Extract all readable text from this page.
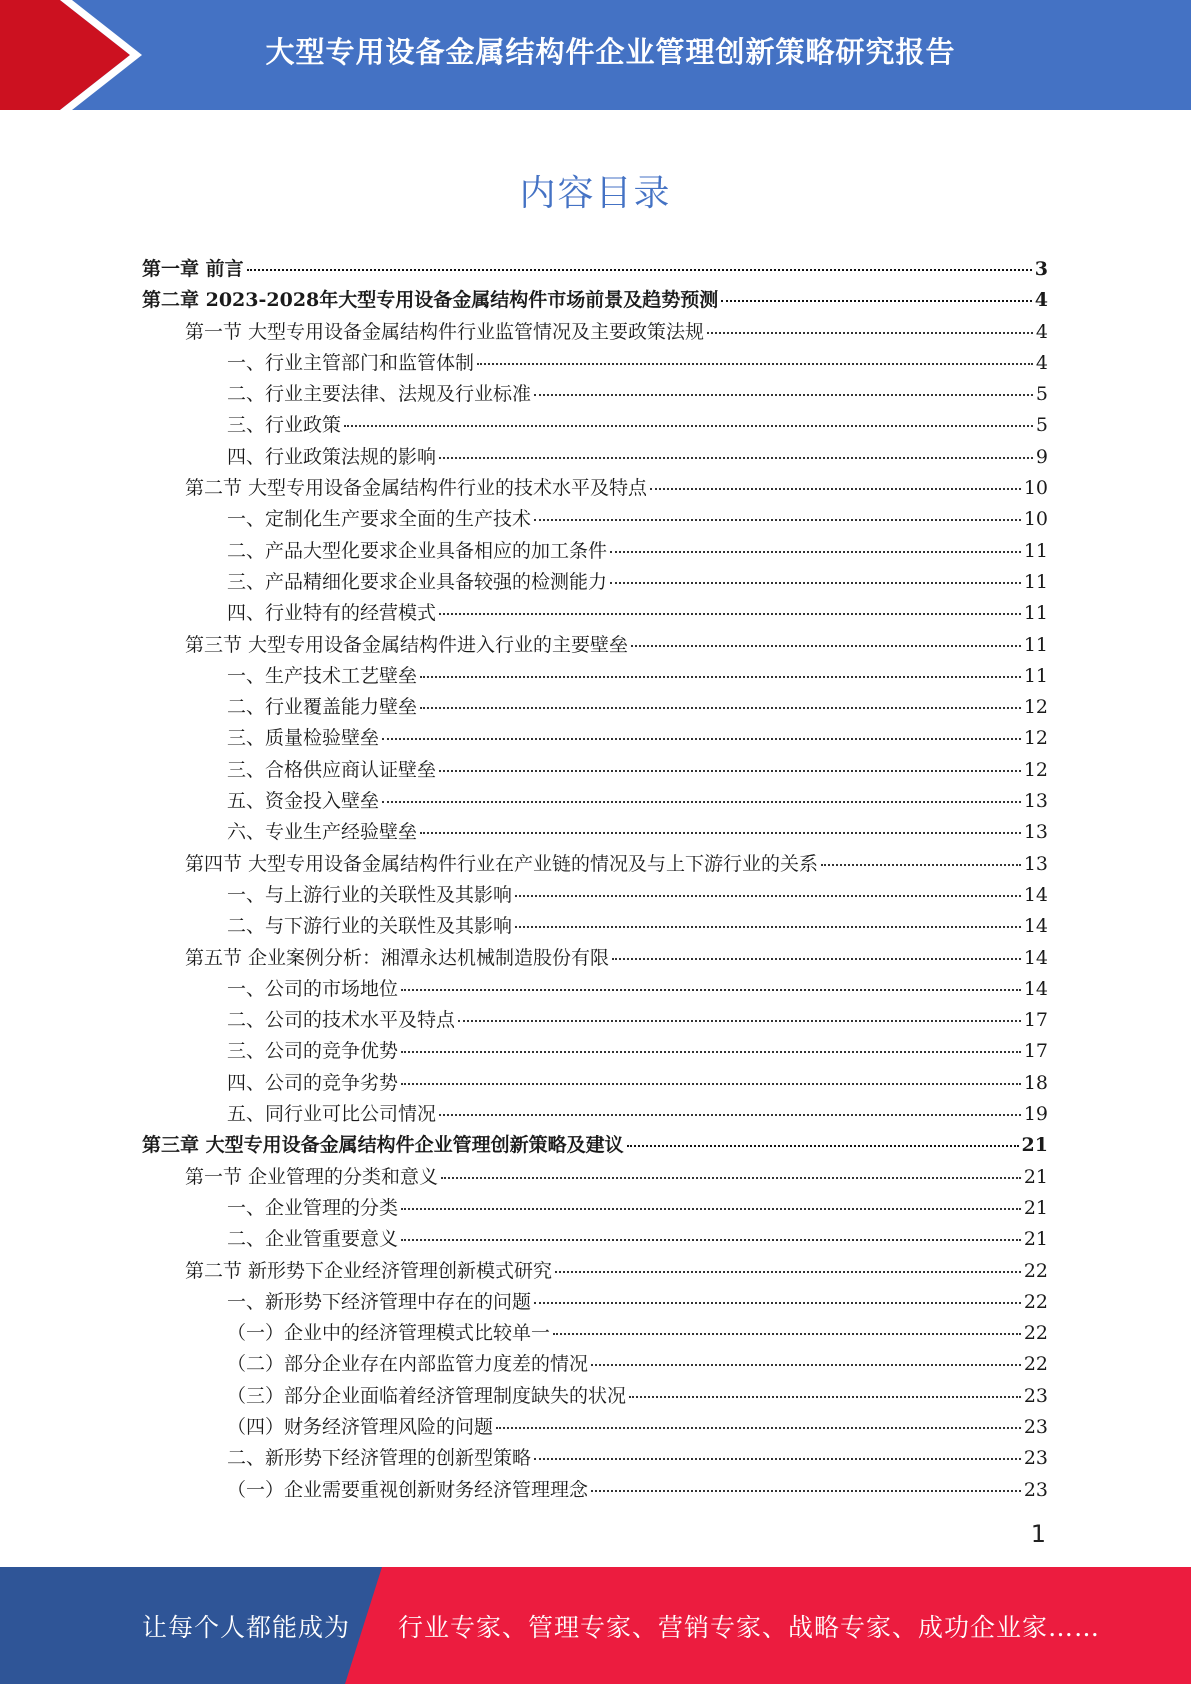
大型专用设备金属结构件企业管理创新策略研究报告
内容目录
第一章 前言	3
第二章 2023-2028年大型专用设备金属结构件市场前景及趋势预测	4
第一节 大型专用设备金属结构件行业监管情况及主要政策法规	4
一、行业主管部门和监管体制	4
二、行业主要法律、法规及行业标准	5
三、行业政策	5
四、行业政策法规的影响	9
第二节 大型专用设备金属结构件行业的技术水平及特点	10
一、定制化生产要求全面的生产技术	10
二、产品大型化要求企业具备相应的加工条件	11
三、产品精细化要求企业具备较强的检测能力	11
四、行业特有的经营模式	11
第三节 大型专用设备金属结构件进入行业的主要壁垒	11
一、生产技术工艺壁垒	11
二、行业覆盖能力壁垒	12
三、质量检验壁垒	12
三、合格供应商认证壁垒	12
五、资金投入壁垒	13
六、专业生产经验壁垒	13
第四节 大型专用设备金属结构件行业在产业链的情况及与上下游行业的关系	13
一、与上游行业的关联性及其影响	14
二、与下游行业的关联性及其影响	14
第五节 企业案例分析：湘潭永达机械制造股份有限	14
一、公司的市场地位	14
二、公司的技术水平及特点	17
三、公司的竞争优势	17
四、公司的竞争劣势	18
五、同行业可比公司情况	19
第三章 大型专用设备金属结构件企业管理创新策略及建议	21
第一节 企业管理的分类和意义	21
一、企业管理的分类	21
二、企业管重要意义	21
第二节 新形势下企业经济管理创新模式研究	22
一、新形势下经济管理中存在的问题	22
（一）企业中的经济管理模式比较单一	22
（二）部分企业存在内部监管力度差的情况	22
（三）部分企业面临着经济管理制度缺失的状况	23
（四）财务经济管理风险的问题	23
二、新形势下经济管理的创新型策略	23
（一）企业需要重视创新财务经济管理理念	23
1
让每个人都能成为 行业专家、管理专家、营销专家、战略专家、成功企业家……
